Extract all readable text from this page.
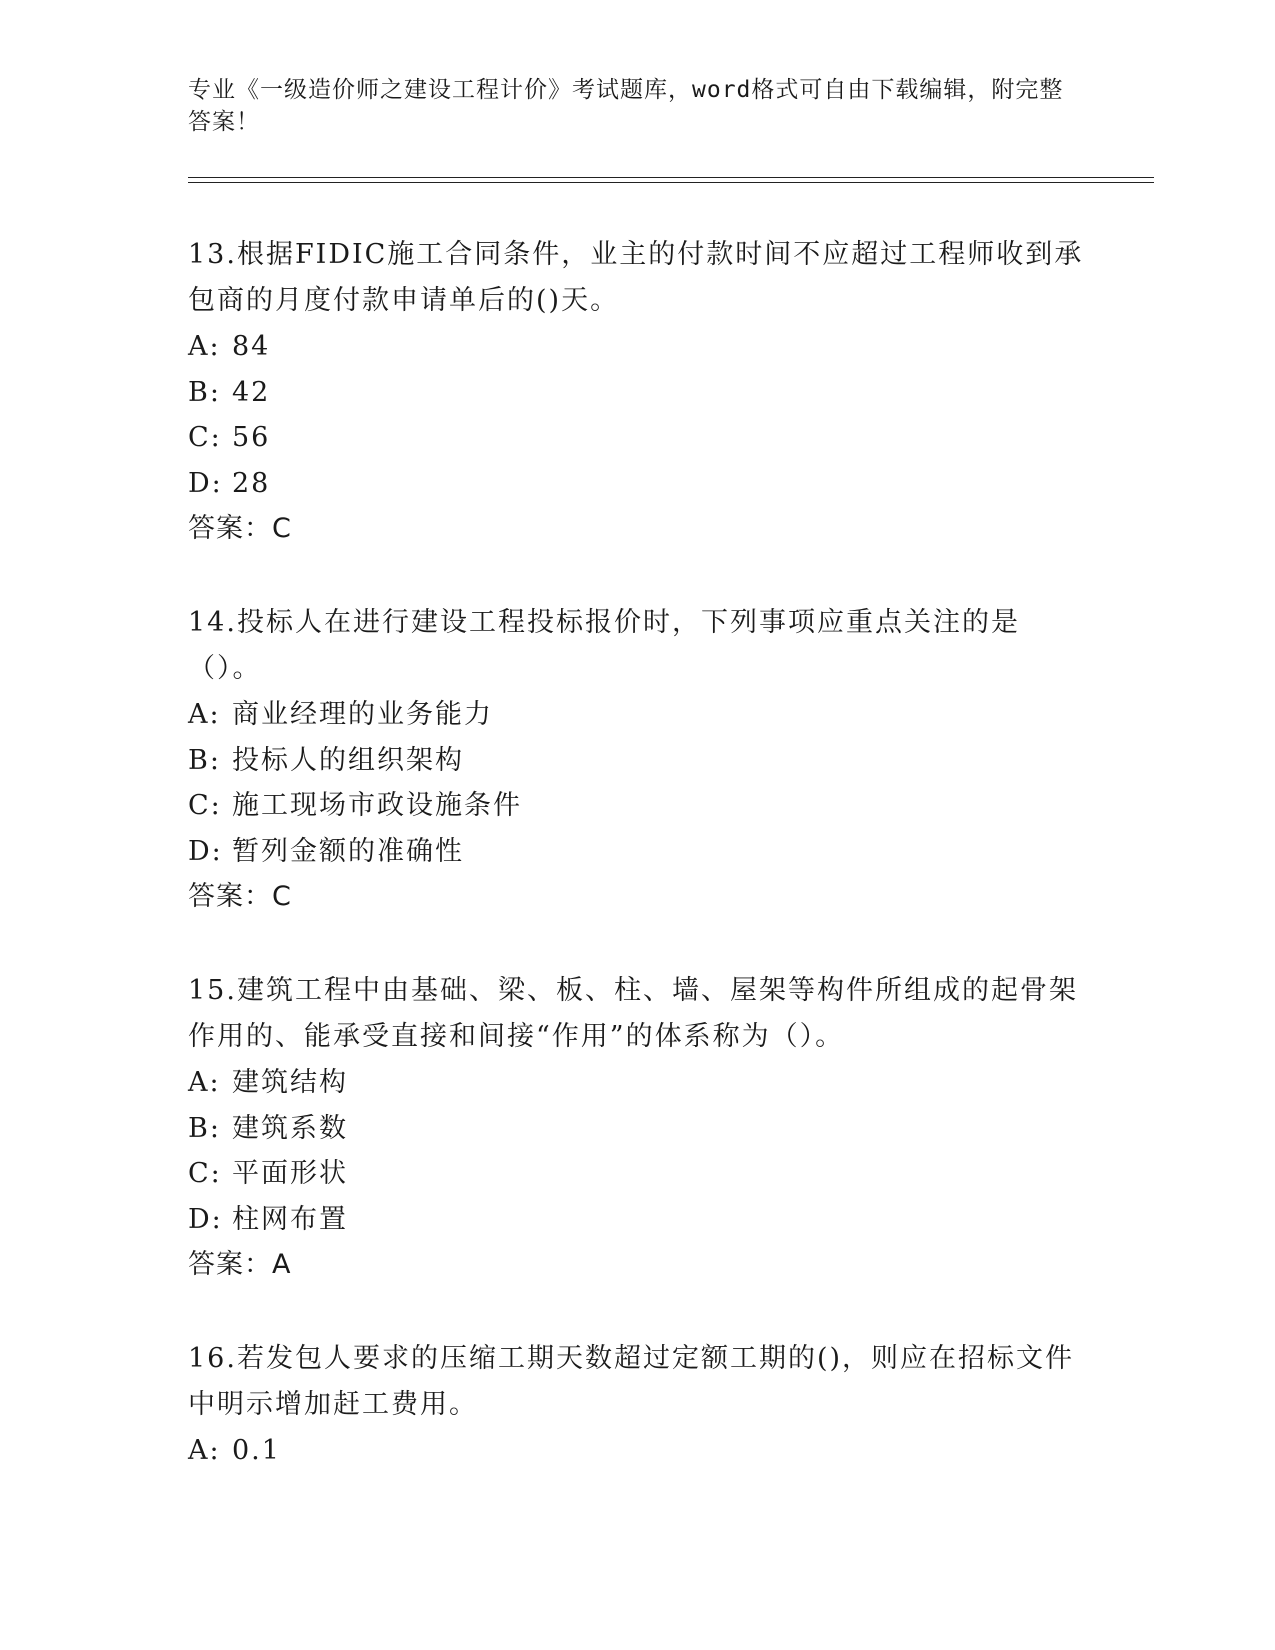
专业《一级造价师之建设工程计价》考试题库，word格式可自由下载编辑，附完整答案！
13.根据FIDIC施工合同条件，业主的付款时间不应超过工程师收到承包商的月度付款申请单后的()天。
A: 84
B: 42
C: 56
D: 28
答案：C
14.投标人在进行建设工程投标报价时，下列事项应重点关注的是（）。
A: 商业经理的业务能力
B: 投标人的组织架构
C: 施工现场市政设施条件
D: 暂列金额的准确性
答案：C
15.建筑工程中由基础、梁、板、柱、墙、屋架等构件所组成的起骨架作用的、能承受直接和间接“作用”的体系称为（）。
A: 建筑结构
B: 建筑系数
C: 平面形状
D: 柱网布置
答案：A
16.若发包人要求的压缩工期天数超过定额工期的()，则应在招标文件中明示增加赶工费用。
A: 0.1
